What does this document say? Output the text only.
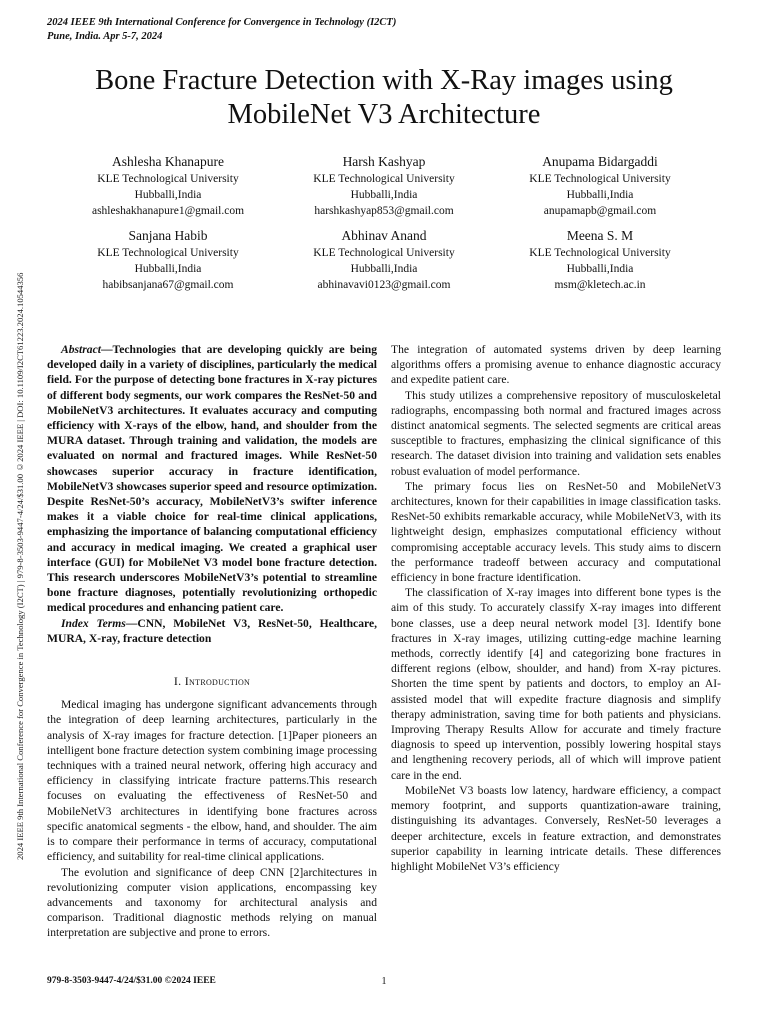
2024 IEEE 9th International Conference for Convergence in Technology (I2CT)
Pune, India. Apr 5-7, 2024
2024 IEEE 9th International Conference for Convergence in Technology (I2CT) | 979-8-3503-9447-4/24/$31.00 ©2024 IEEE | DOI: 10.1109/I2CT61223.2024.10544356
Bone Fracture Detection with X-Ray images using MobileNet V3 Architecture
Ashlesha Khanapure
KLE Technological University
Hubballi,India
ashleshakhanapure1@gmail.com
Harsh Kashyap
KLE Technological University
Hubballi,India
harshkashyap853@gmail.com
Anupama Bidargaddi
KLE Technological University
Hubballi,India
anupamapb@gmail.com
Sanjana Habib
KLE Technological University
Hubballi,India
habibsanjana67@gmail.com
Abhinav Anand
KLE Technological University
Hubballi,India
abhinavavi0123@gmail.com
Meena S. M
KLE Technological University
Hubballi,India
msm@kletech.ac.in

Abstract—Technologies that are developing quickly are being developed daily in a variety of disciplines, particularly the medical field. For the purpose of detecting bone fractures in X-ray pictures of different body segments, our work compares the ResNet-50 and MobileNetV3 architectures. It evaluates accuracy and computing efficiency with X-rays of the elbow, hand, and shoulder from the MURA dataset. Through training and validation, the models are evaluated on normal and fractured images. While ResNet-50 showcases superior accuracy in fracture identification, MobileNetV3 showcases superior speed and resource optimization. Despite ResNet-50’s accuracy, MobileNetV3’s swifter inference makes it a viable choice for real-time clinical applications, emphasizing the importance of balancing computational efficiency and accuracy in medical imaging. We created a graphical user interface (GUI) for MobileNet V3 model bone fracture detection. This research underscores MobileNetV3’s potential to streamline bone fracture diagnoses, potentially revolutionizing orthopedic medical procedures and enhancing patient care.

Index Terms—CNN, MobileNet V3, ResNet-50, Healthcare, MURA, X-ray, fracture detection

I. Introduction

Medical imaging has undergone significant advancements through the integration of deep learning architectures, particularly in the analysis of X-ray images for fracture detection. [1]Paper pioneers an intelligent bone fracture detection system combining image processing techniques with a trained neural network, offering high accuracy and efficiency in classifying intricate fracture patterns.This research focuses on evaluating the effectiveness of ResNet-50 and MobileNetV3 architectures in identifying bone fractures across specific anatomical segments - the elbow, hand, and shoulder. The aim is to compare their performance in terms of accuracy, computational efficiency, and suitability for real-time clinical applications.

The evolution and significance of deep CNN [2]architectures in revolutionizing computer vision applications, encompassing key advancements and taxonomy for architectural analysis and comparison. Traditional diagnostic methods relying on manual interpretation are subjective and prone to errors.

The integration of automated systems driven by deep learning algorithms offers a promising avenue to enhance diagnostic accuracy and expedite patient care.

This study utilizes a comprehensive repository of musculoskeletal radiographs, encompassing both normal and fractured images across distinct anatomical segments. The selected segments are critical areas susceptible to fractures, emphasizing the clinical significance of this research. The dataset division into training and validation sets enables robust evaluation of model performance.

The primary focus lies on ResNet-50 and MobileNetV3 architectures, known for their capabilities in image classification tasks. ResNet-50 exhibits remarkable accuracy, while MobileNetV3, with its lightweight design, emphasizes computational efficiency without compromising acceptable accuracy levels. This study aims to discern the performance tradeoff between accuracy and computational efficiency in bone fracture identification.

The classification of X-ray images into different bone types is the aim of this study. To accurately classify X-ray images into different bone classes, use a deep neural network model [3]. Identify bone fractures in X-ray images, utilizing cutting-edge machine learning methods, correctly identify [4] and categorizing bone fractures in different regions (elbow, shoulder, and hand) from X-ray pictures. Shorten the time spent by patients and doctors, to employ an AI-assisted model that will expedite fracture diagnosis and simplify therapy administration, saving time for both patients and physicians. Improving Therapy Results Allow for accurate and timely fracture diagnosis to speed up intervention, possibly lowering hospital stays and lengthening recovery periods, all of which will improve patient care in the end.

MobileNet V3 boasts low latency, hardware efficiency, a compact memory footprint, and supports quantization-aware training, distinguishing its advantages. Conversely, ResNet-50 leverages a deeper architecture, excels in feature extraction, and demonstrates superior capability in learning intricate details. These differences highlight MobileNet V3’s efficiency

979-8-3503-9447-4/24/$31.00 ©2024 IEEE	1
